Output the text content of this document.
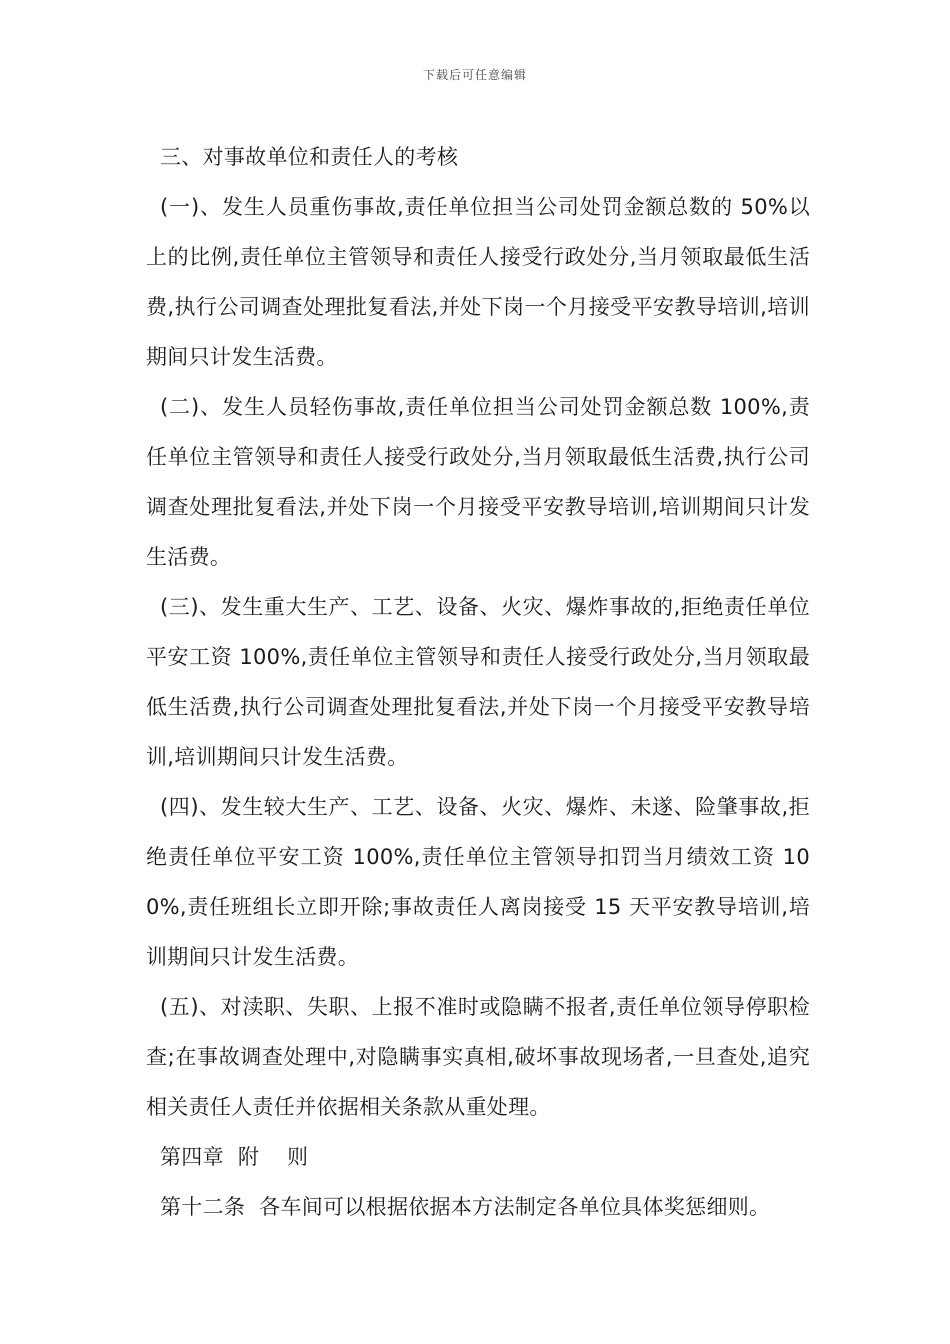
下载后可任意编辑

三、对事故单位和责任人的考核

(一)、发生人员重伤事故,责任单位担当公司处罚金额总数的 50%以上的比例,责任单位主管领导和责任人接受行政处分,当月领取最低生活费,执行公司调查处理批复看法,并处下岗一个月接受平安教导培训,培训期间只计发生活费。

(二)、发生人员轻伤事故,责任单位担当公司处罚金额总数 100%,责任单位主管领导和责任人接受行政处分,当月领取最低生活费,执行公司调查处理批复看法,并处下岗一个月接受平安教导培训,培训期间只计发生活费。

(三)、发生重大生产、工艺、设备、火灾、爆炸事故的,拒绝责任单位平安工资 100%,责任单位主管领导和责任人接受行政处分,当月领取最低生活费,执行公司调查处理批复看法,并处下岗一个月接受平安教导培训,培训期间只计发生活费。

(四)、发生较大生产、工艺、设备、火灾、爆炸、未遂、险肇事故,拒绝责任单位平安工资 100%,责任单位主管领导扣罚当月绩效工资 100%,责任班组长立即开除;事故责任人离岗接受 15 天平安教导培训,培训期间只计发生活费。

(五)、对渎职、失职、上报不准时或隐瞒不报者,责任单位领导停职检查;在事故调查处理中,对隐瞒事实真相,破坏事故现场者,一旦查处,追究相关责任人责任并依据相关条款从重处理。

第四章  附    则

第十二条  各车间可以根据依据本方法制定各单位具体奖惩细则。
